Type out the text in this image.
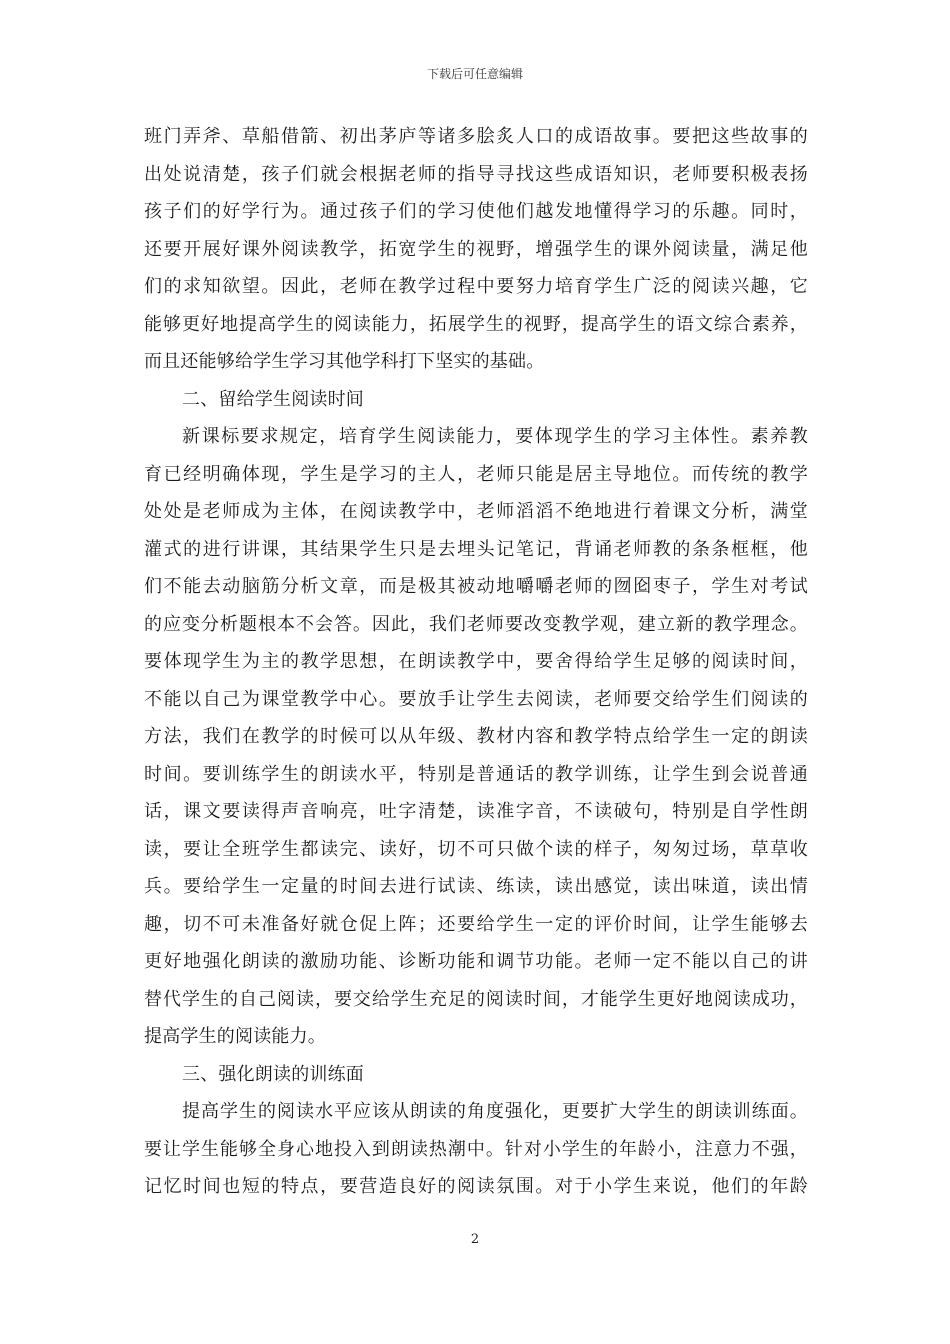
下载后可任意编辑
班门弄斧、草船借箭、初出茅庐等诸多脍炙人口的成语故事。要把这些故事的
出处说清楚，孩子们就会根据老师的指导寻找这些成语知识，老师要积极表扬
孩子们的好学行为。通过孩子们的学习使他们越发地懂得学习的乐趣。同时，
还要开展好课外阅读教学，拓宽学生的视野，增强学生的课外阅读量，满足他
们的求知欲望。因此，老师在教学过程中要努力培育学生广泛的阅读兴趣，它
能够更好地提高学生的阅读能力，拓展学生的视野，提高学生的语文综合素养，
而且还能够给学生学习其他学科打下坚实的基础。
二、留给学生阅读时间
新课标要求规定，培育学生阅读能力，要体现学生的学习主体性。素养教
育已经明确体现，学生是学习的主人，老师只能是居主导地位。而传统的教学
处处是老师成为主体，在阅读教学中，老师滔滔不绝地进行着课文分析，满堂
灌式的进行讲课，其结果学生只是去埋头记笔记，背诵老师教的条条框框，他
们不能去动脑筋分析文章，而是极其被动地嚼嚼老师的囫囵枣子，学生对考试
的应变分析题根本不会答。因此，我们老师要改变教学观，建立新的教学理念。
要体现学生为主的教学思想，在朗读教学中，要舍得给学生足够的阅读时间，
不能以自己为课堂教学中心。要放手让学生去阅读，老师要交给学生们阅读的
方法，我们在教学的时候可以从年级、教材内容和教学特点给学生一定的朗读
时间。要训练学生的朗读水平，特别是普通话的教学训练，让学生到会说普通
话，课文要读得声音响亮，吐字清楚，读准字音，不读破句，特别是自学性朗
读，要让全班学生都读完、读好，切不可只做个读的样子，匆匆过场，草草收
兵。要给学生一定量的时间去进行试读、练读，读出感觉，读出味道，读出情
趣，切不可未准备好就仓促上阵；还要给学生一定的评价时间，让学生能够去
更好地强化朗读的激励功能、诊断功能和调节功能。老师一定不能以自己的讲
替代学生的自己阅读，要交给学生充足的阅读时间，才能学生更好地阅读成功，
提高学生的阅读能力。
三、强化朗读的训练面
提高学生的阅读水平应该从朗读的角度强化，更要扩大学生的朗读训练面。
要让学生能够全身心地投入到朗读热潮中。针对小学生的年龄小，注意力不强，
记忆时间也短的特点，要营造良好的阅读氛围。对于小学生来说，他们的年龄
2
